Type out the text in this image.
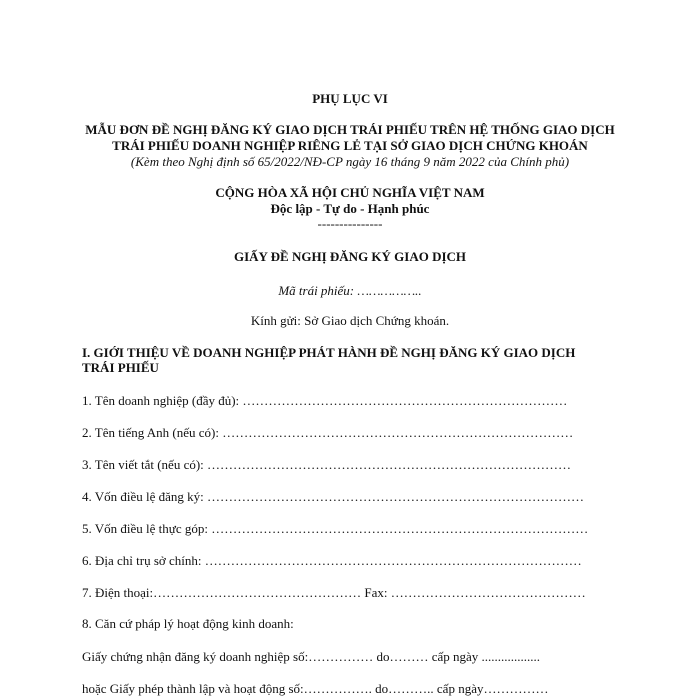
PHỤ LỤC VI
MẪU ĐƠN ĐỀ NGHỊ ĐĂNG KÝ GIAO DỊCH TRÁI PHIẾU TRÊN HỆ THỐNG GIAO DỊCH
TRÁI PHIẾU DOANH NGHIỆP RIÊNG LẺ TẠI SỞ GIAO DỊCH CHỨNG KHOÁN
(Kèm theo Nghị định số 65/2022/NĐ-CP ngày 16 tháng 9 năm 2022 của Chính phủ)
CỘNG HÒA XÃ HỘI CHỦ NGHĨA VIỆT NAM
Độc lập - Tự do - Hạnh phúc
---------------
GIẤY ĐỀ NGHỊ ĐĂNG KÝ GIAO DỊCH
Mã trái phiếu: ……………..
Kính gửi: Sở Giao dịch Chứng khoán.
I. GIỚI THIỆU VỀ DOANH NGHIỆP PHÁT HÀNH ĐỀ NGHỊ ĐĂNG KÝ GIAO DỊCH
TRÁI PHIẾU
1. Tên doanh nghiệp (đầy đủ): …………………………………………………………………
2. Tên tiếng Anh (nếu có): ………………………………………………………………………
3. Tên viết tắt (nếu có): …………………………………………………………………………
4. Vốn điều lệ đăng ký: ……………………………………………………………………………
5. Vốn điều lệ thực góp: ……………………………………………………………………………
6. Địa chỉ trụ sở chính: ……………………………………………………………………………
7. Điện thoại:………………………………………… Fax: ………………………………………
8. Căn cứ pháp lý hoạt động kinh doanh:
Giấy chứng nhận đăng ký doanh nghiệp số:…………… do……… cấp ngày ..................
hoặc Giấy phép thành lập và hoạt động số:……………. do……….. cấp ngày……………
